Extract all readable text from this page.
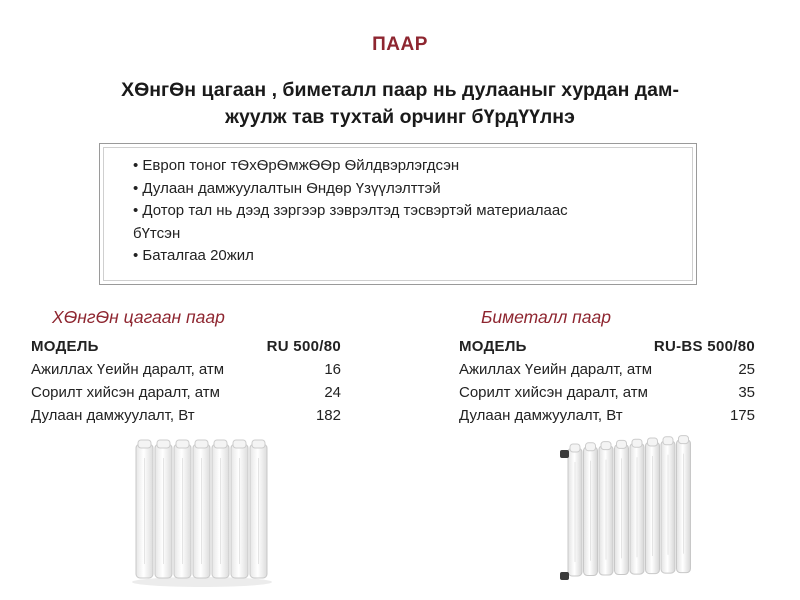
ПААР
ХѲнгѲн цагаан , биметалл паар нь дулааныг хурдан дам-
жуулж тав тухтай орчинг бҮрдҮҮлнэ
• Европ тоног тѲхѲрѲмжѲѲр Ѳйлдвэрлэгдсэн
• Дулаан дамжуулалтын Ѳндѳр Үзүүлэлттэй
• Дотор тал нь дээд зэргээр зэврэлтэд тэсвэртэй материалаас
бҮтсэн
• Баталгаа 20жил
ХѲнгѲн цагаан паар
МОДЕЛЬ	RU 500/80
Ажиллах Үеийн даралт, атм	16
Сорилт хийсэн даралт, атм	24
Дулаан дамжуулалт, Вт	182
Биметалл паар
МОДЕЛЬ	RU-BS 500/80
Ажиллах Үеийн даралт, атм	25
Сорилт хийсэн даралт, атм	35
Дулаан дамжуулалт, Вт	175
